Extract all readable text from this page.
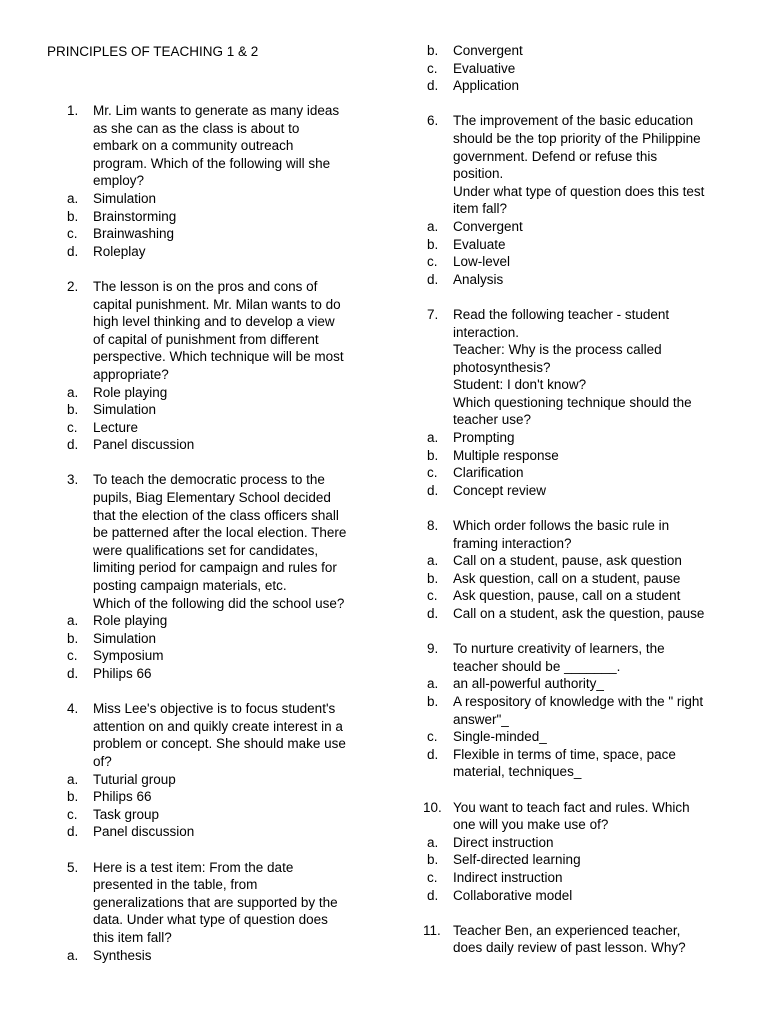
PRINCIPLES OF TEACHING 1 & 2
1.	Mr. Lim wants to generate as many ideas
as she can as the class is about to
embark on a community outreach
program. Which of the following will she
employ?
a.	Simulation
b.	Brainstorming
c.	Brainwashing
d.	Roleplay
2.	The lesson is on the pros and cons of
capital punishment. Mr. Milan wants to do
high level thinking and to develop a view
of capital of punishment from different
perspective. Which technique will be most
appropriate?
a.	Role playing
b.	Simulation
c.	Lecture
d.	Panel discussion
3.	To teach the democratic process to the
pupils, Biag Elementary School decided
that the election of the class officers shall
be patterned after the local election. There
were qualifications set for candidates,
limiting period for campaign and rules for
posting campaign materials, etc.
Which of the following did the school use?
a.	Role playing
b.	Simulation
c.	Symposium
d.	Philips 66
4.	Miss Lee's objective is to focus student's
attention on and quikly create interest in a
problem or concept. She should make use
of?
a.	Tuturial group
b.	Philips 66
c.	Task group
d.	Panel discussion
5.	Here is a test item: From the date
presented in the table, from
generalizations that are supported by the
data. Under what type of question does
this item fall?
a.	Synthesis
b.	Convergent
c.	Evaluative
d.	Application
6.	The improvement of the basic education
should be the top priority of the Philippine
government. Defend or refuse this
position.
Under what type of question does this test
item fall?
a.	Convergent
b.	Evaluate
c.	Low-level
d.	Analysis
7.	Read the following teacher - student
interaction.
Teacher: Why is the process called
photosynthesis?
Student: I don't know?
Which questioning technique should the
teacher use?
a.	Prompting
b.	Multiple response
c.	Clarification
d.	Concept review
8.	Which order follows the basic rule in
framing interaction?
a.	Call on a student, pause, ask question
b.	Ask question, call on a student, pause
c.	Ask question, pause, call on a student
d.	Call on a student, ask the question, pause
9.	To nurture creativity of learners, the
teacher should be _______.
a.	an all-powerful authority_
b.	A respository of knowledge with the " right
answer"_
c.	Single-minded_
d.	Flexible in terms of time, space, pace
material, techniques_
10. You want to teach fact and rules. Which
one will you make use of?
a.	Direct instruction
b.	Self-directed learning
c.	Indirect instruction
d.	Collaborative model
11. Teacher Ben, an experienced teacher,
does daily review of past lesson. Why?
